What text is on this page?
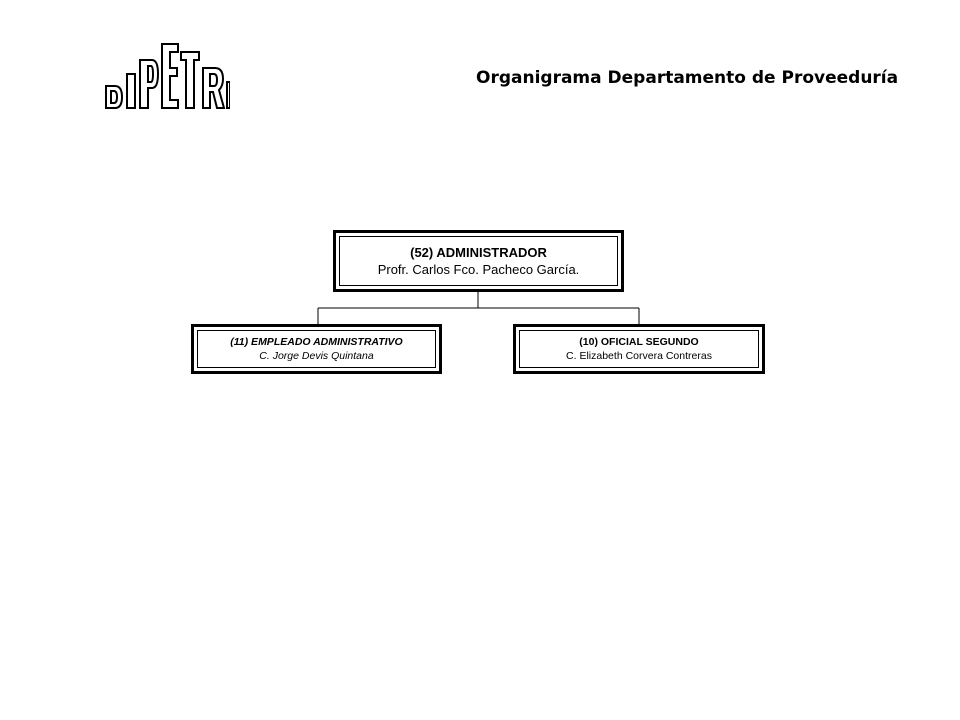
Organigrama Departamento de Proveeduría
(52) ADMINISTRADOR
Profr. Carlos Fco. Pacheco García.
(11) EMPLEADO ADMINISTRATIVO
C. Jorge Devis Quintana
(10) OFICIAL SEGUNDO
C. Elizabeth Corvera Contreras
